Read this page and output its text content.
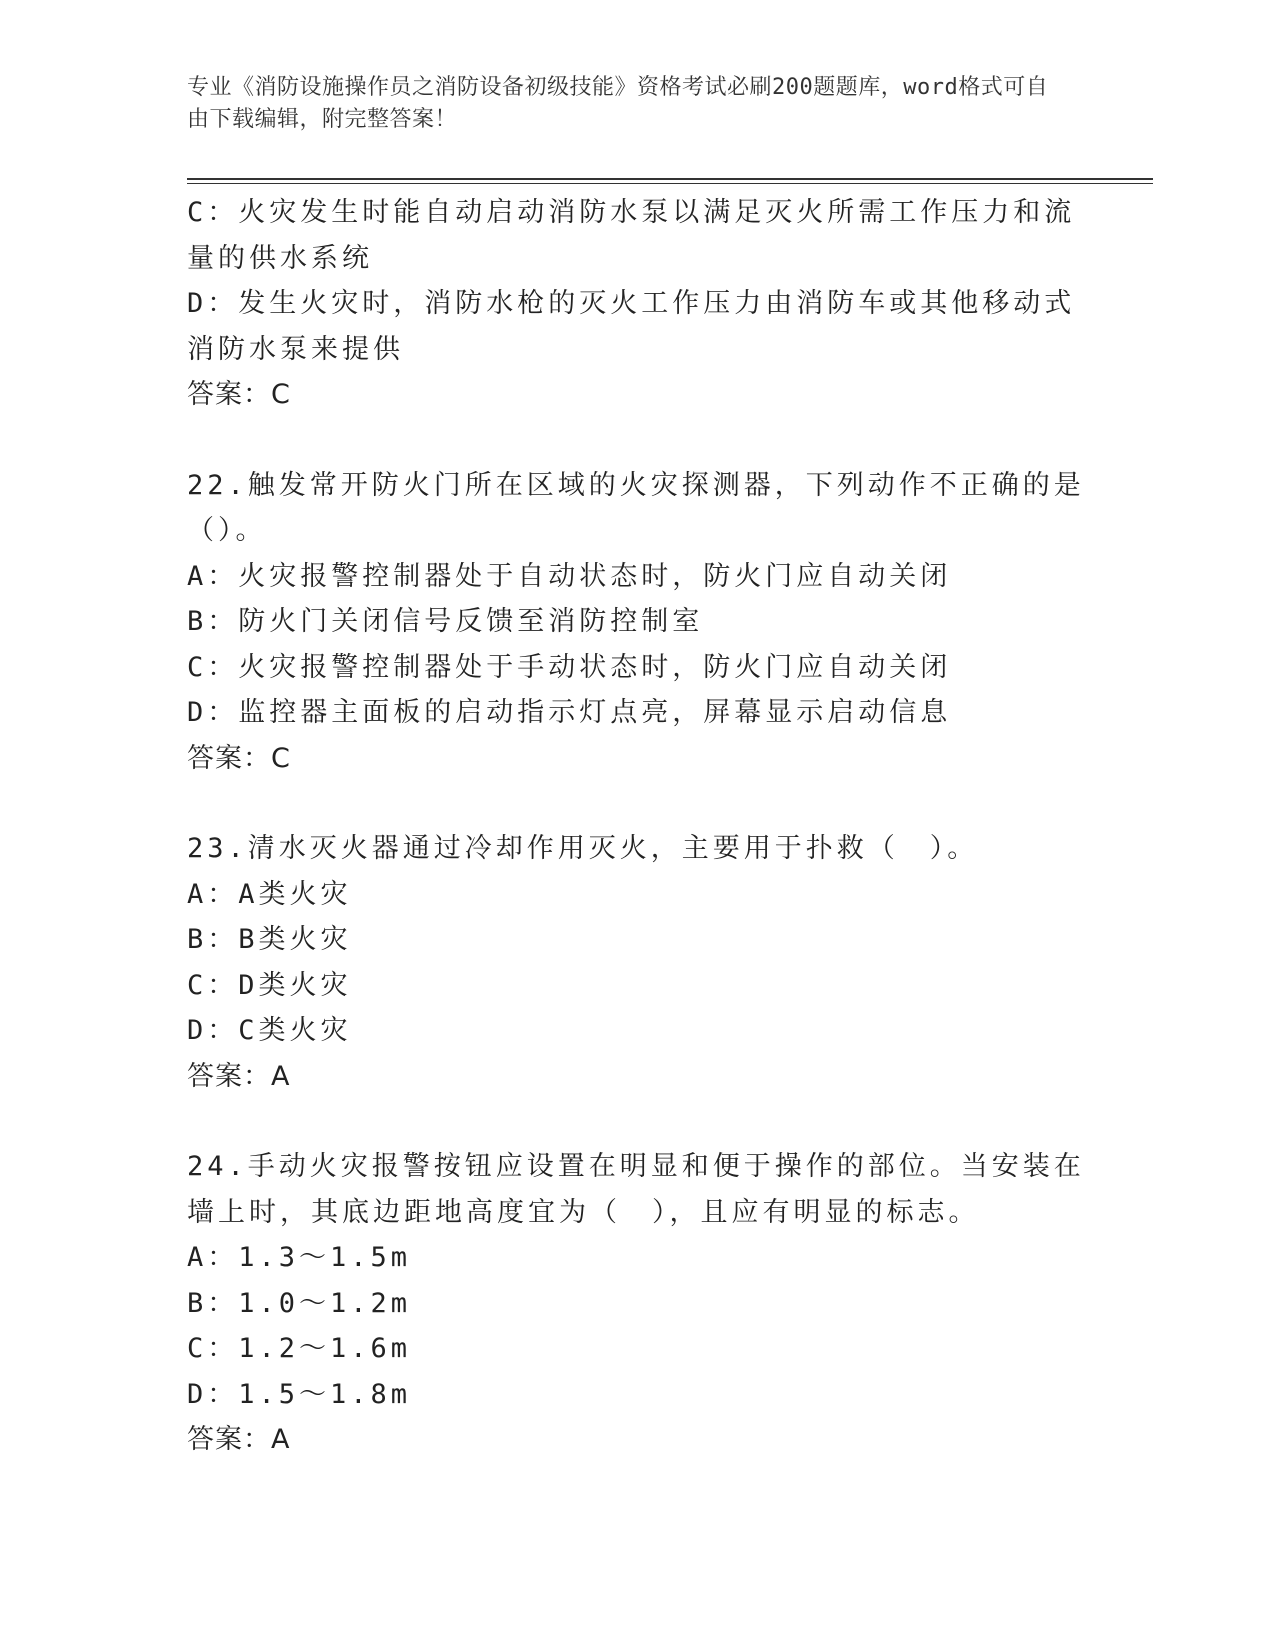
专业《消防设施操作员之消防设备初级技能》资格考试必刷200题题库，word格式可自由下载编辑，附完整答案！

C：火灾发生时能自动启动消防水泵以满足灭火所需工作压力和流量的供水系统

D：发生火灾时，消防水枪的灭火工作压力由消防车或其他移动式消防水泵来提供

答案：C

22.触发常开防火门所在区域的火灾探测器，下列动作不正确的是（）。

A：火灾报警控制器处于自动状态时，防火门应自动关闭

B：防火门关闭信号反馈至消防控制室

C：火灾报警控制器处于手动状态时，防火门应自动关闭

D：监控器主面板的启动指示灯点亮，屏幕显示启动信息

答案：C

23.清水灭火器通过冷却作用灭火，主要用于扑救（　）。

A：A类火灾

B：B类火灾

C：D类火灾

D：C类火灾

答案：A

24.手动火灾报警按钮应设置在明显和便于操作的部位。当安装在墙上时，其底边距地高度宜为（　），且应有明显的标志。

A：1.3～1.5m

B：1.0～1.2m

C：1.2～1.6m

D：1.5～1.8m

答案：A
